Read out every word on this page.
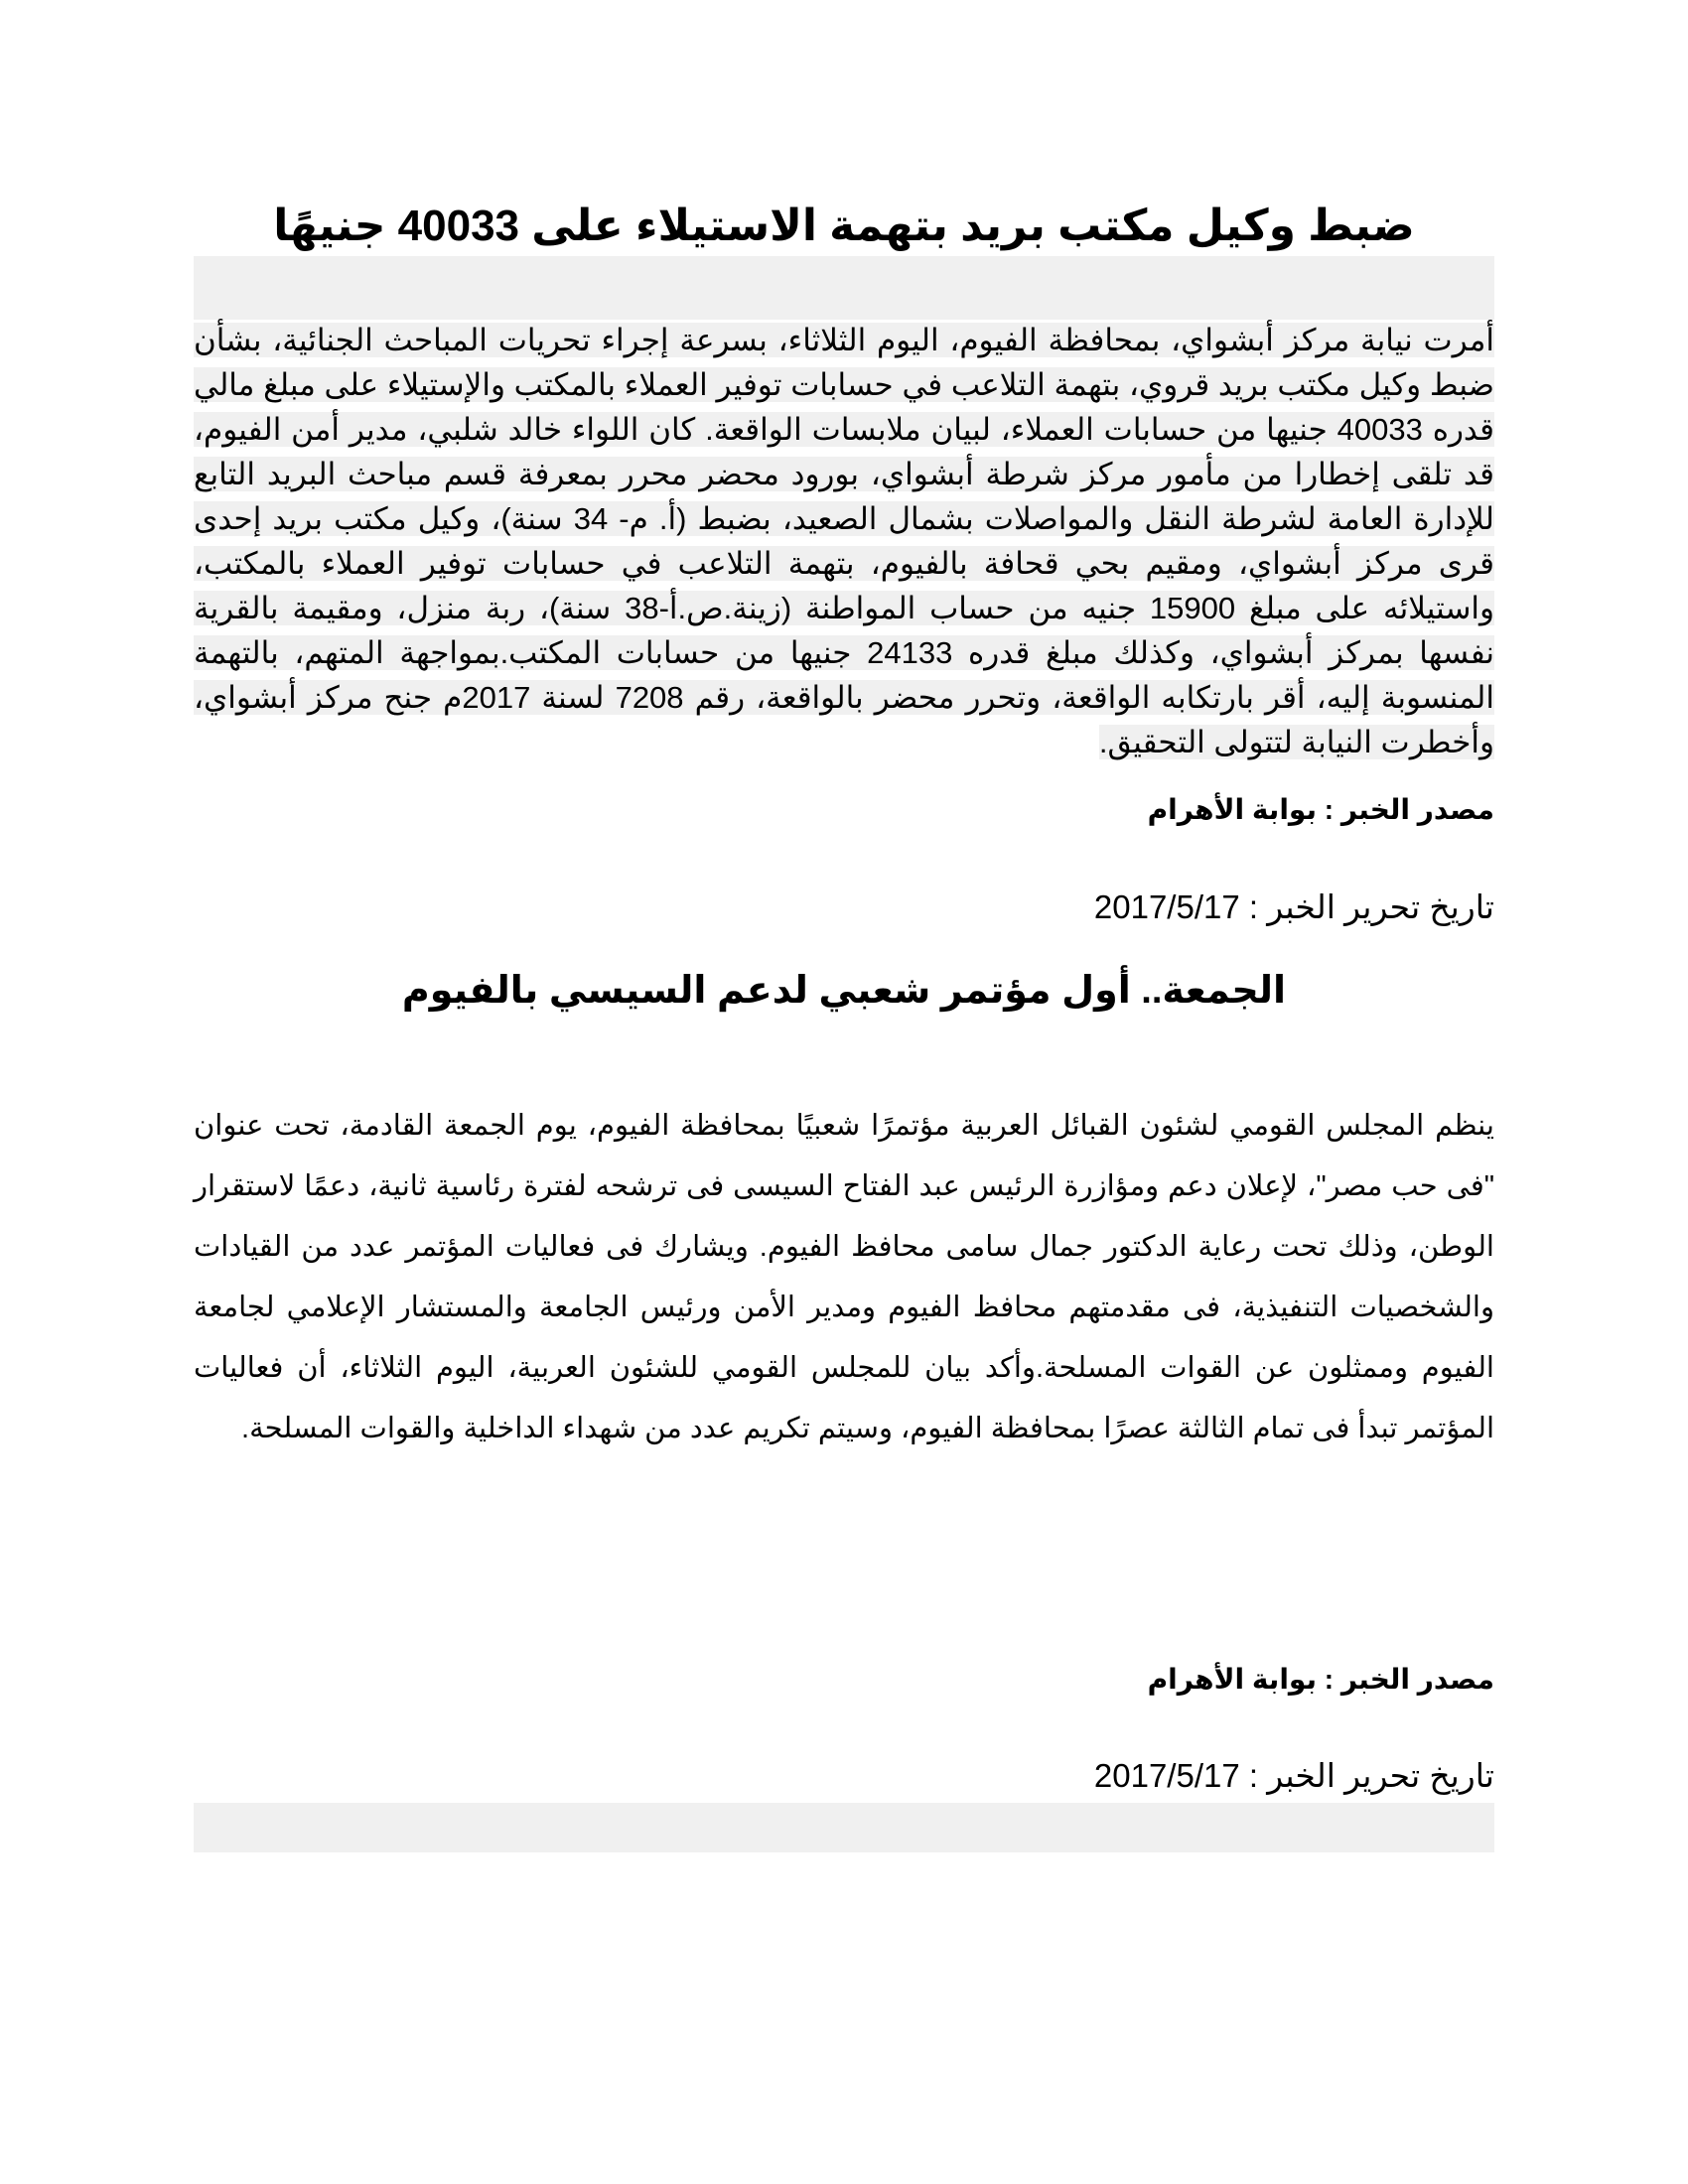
ضبط وكيل مكتب بريد بتهمة الاستيلاء على 40033 جنيهًا

أمرت نيابة مركز أبشواي، بمحافظة الفيوم، اليوم الثلاثاء، بسرعة إجراء تحريات المباحث الجنائية، بشأن ضبط وكيل مكتب بريد قروي، بتهمة التلاعب في حسابات توفير العملاء بالمكتب والإستيلاء على مبلغ مالي قدره 40033 جنيها من حسابات العملاء، لبيان ملابسات الواقعة. كان اللواء خالد شلبي، مدير أمن الفيوم، قد تلقى إخطارا من مأمور مركز شرطة أبشواي، بورود محضر محرر بمعرفة قسم مباحث البريد التابع للإدارة العامة لشرطة النقل والمواصلات بشمال الصعيد، بضبط (أ. م- 34 سنة)، وكيل مكتب بريد إحدى قرى مركز أبشواي، ومقيم بحي قحافة بالفيوم، بتهمة التلاعب في حسابات توفير العملاء بالمكتب، واستيلائه على مبلغ 15900 جنيه من حساب المواطنة (زينة.ص.أ-38 سنة)، ربة منزل، ومقيمة بالقرية نفسها بمركز أبشواي، وكذلك مبلغ قدره 24133 جنيها من حسابات المكتب.بمواجهة المتهم، بالتهمة المنسوبة إليه، أقر بارتكابه الواقعة، وتحرر محضر بالواقعة، رقم 7208 لسنة 2017م جنح مركز أبشواي، وأخطرت النيابة لتتولى التحقيق.

مصدر الخبر : بوابة الأهرام

تاريخ تحرير الخبر : 2017/5/17

الجمعة.. أول مؤتمر شعبي لدعم السيسي بالفيوم

ينظم المجلس القومي لشئون القبائل العربية مؤتمرًا شعبيًا بمحافظة الفيوم، يوم الجمعة القادمة، تحت عنوان "فى حب مصر"، لإعلان دعم ومؤازرة الرئيس عبد الفتاح السيسى فى ترشحه لفترة رئاسية ثانية، دعمًا لاستقرار الوطن، وذلك تحت رعاية الدكتور جمال سامى محافظ الفيوم. ويشارك فى فعاليات المؤتمر عدد من القيادات والشخصيات التنفيذية، فى مقدمتهم محافظ الفيوم ومدير الأمن ورئيس الجامعة والمستشار الإعلامي لجامعة الفيوم وممثلون عن القوات المسلحة.وأكد بيان للمجلس القومي للشئون العربية، اليوم الثلاثاء، أن فعاليات المؤتمر تبدأ فى تمام الثالثة عصرًا بمحافظة الفيوم، وسيتم تكريم عدد من شهداء الداخلية والقوات المسلحة.

مصدر الخبر : بوابة الأهرام

تاريخ تحرير الخبر : 2017/5/17
